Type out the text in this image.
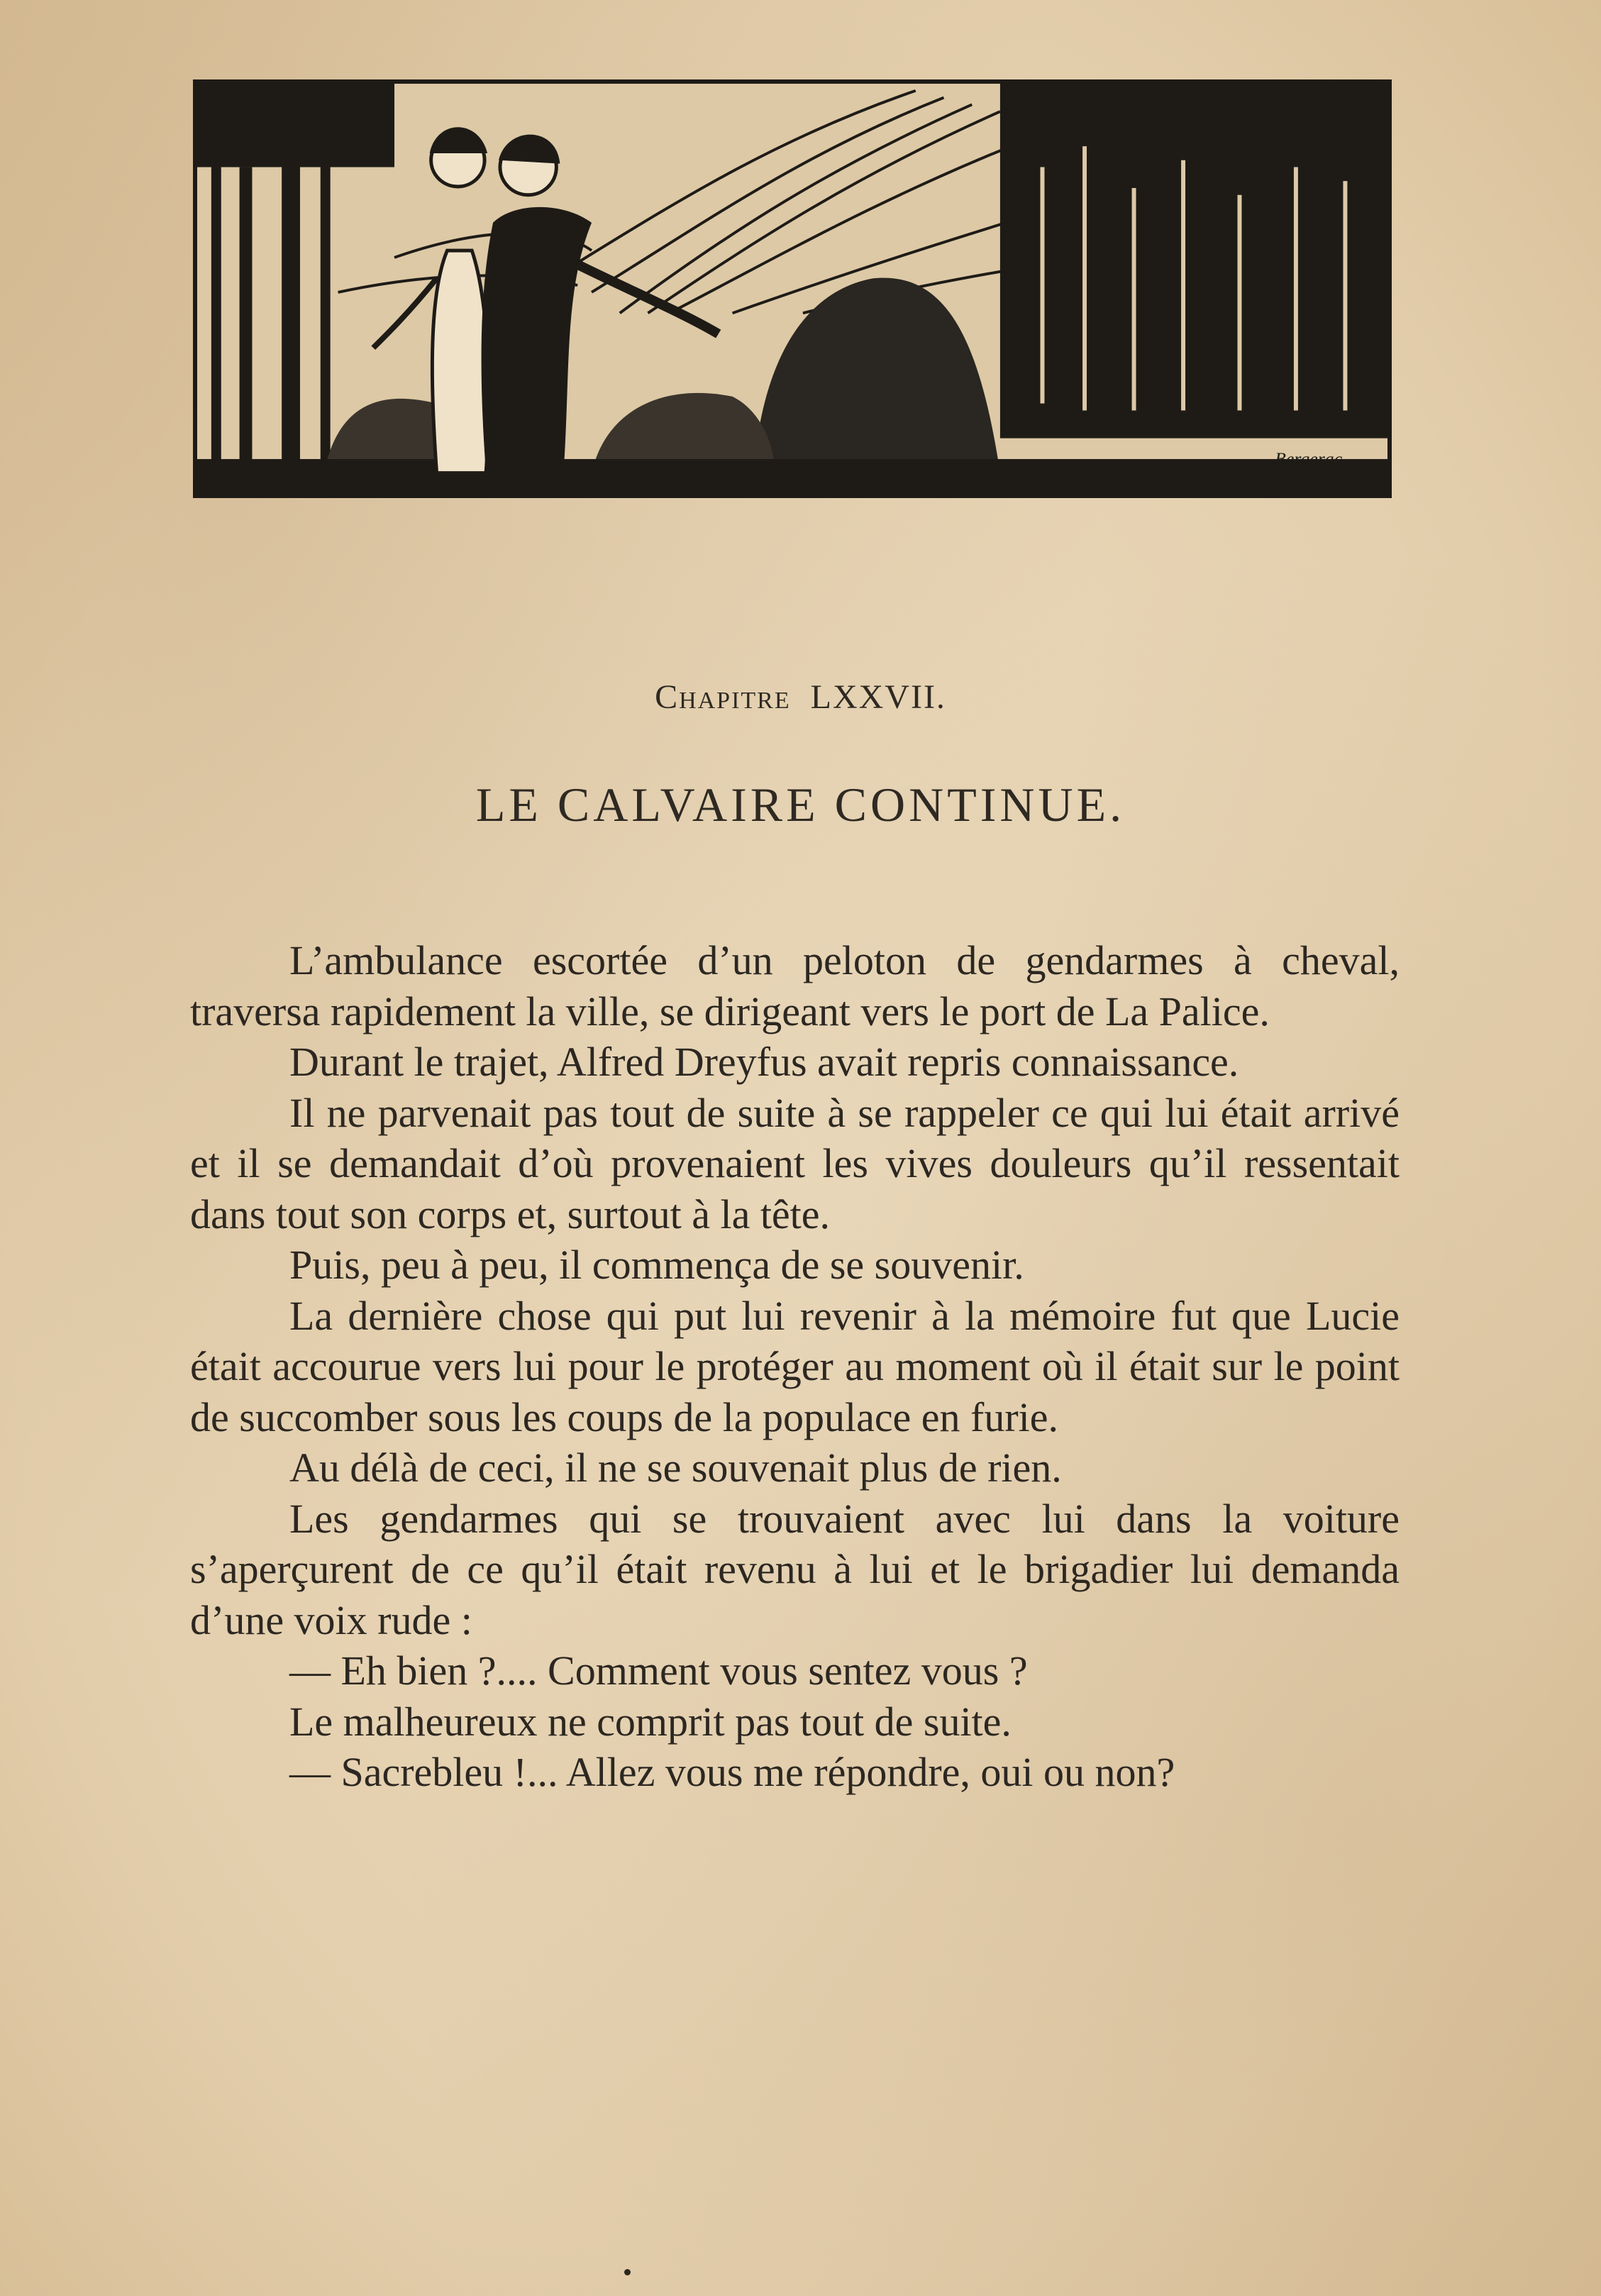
Bergerac
Chapitre LXXVII.
LE CALVAIRE CONTINUE.

L’ambulance escortée d’un peloton de gendarmes à cheval, traversa rapidement la ville, se dirigeant vers le port de La Palice.

Durant le trajet, Alfred Dreyfus avait repris connaissance.

Il ne parvenait pas tout de suite à se rappeler ce qui lui était arrivé et il se demandait d’où provenaient les vives douleurs qu’il ressentait dans tout son corps et, surtout à la tête.

Puis, peu à peu, il commença de se souvenir.

La dernière chose qui put lui revenir à la mémoire fut que Lucie était accourue vers lui pour le protéger au moment où il était sur le point de succomber sous les coups de la populace en furie.

Au délà de ceci, il ne se souvenait plus de rien.

Les gendarmes qui se trouvaient avec lui dans la voiture s’aperçurent de ce qu’il était revenu à lui et le brigadier lui demanda d’une voix rude :

— Eh bien ?.... Comment vous sentez vous ?

Le malheureux ne comprit pas tout de suite.

— Sacrebleu !... Allez vous me répondre, oui ou non?
